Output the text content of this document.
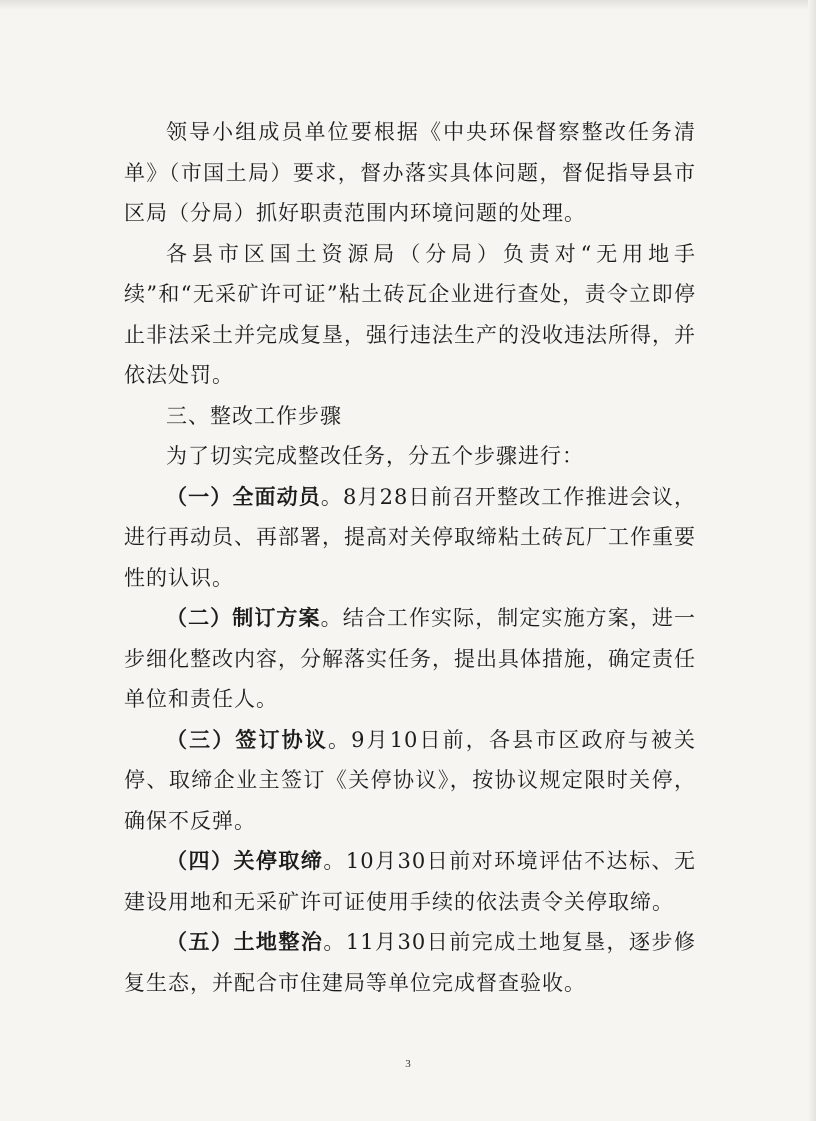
领导小组成员单位要根据《中央环保督察整改任务清单》（市国土局）要求，督办落实具体问题，督促指导县市区局（分局）抓好职责范围内环境问题的处理。

各县市区国土资源局（分局）负责对“无用地手续”和“无采矿许可证”粘土砖瓦企业进行查处，责令立即停止非法采土并完成复垦，强行违法生产的没收违法所得，并依法处罚。

三、整改工作步骤

为了切实完成整改任务，分五个步骤进行：

（一）全面动员。8月28日前召开整改工作推进会议，进行再动员、再部署，提高对关停取缔粘土砖瓦厂工作重要性的认识。

（二）制订方案。结合工作实际，制定实施方案，进一步细化整改内容，分解落实任务，提出具体措施，确定责任单位和责任人。

（三）签订协议。9月10日前，各县市区政府与被关停、取缔企业主签订《关停协议》，按协议规定限时关停，确保不反弹。

（四）关停取缔。10月30日前对环境评估不达标、无建设用地和无采矿许可证使用手续的依法责令关停取缔。

（五）土地整治。11月30日前完成土地复垦，逐步修复生态，并配合市住建局等单位完成督查验收。

3
